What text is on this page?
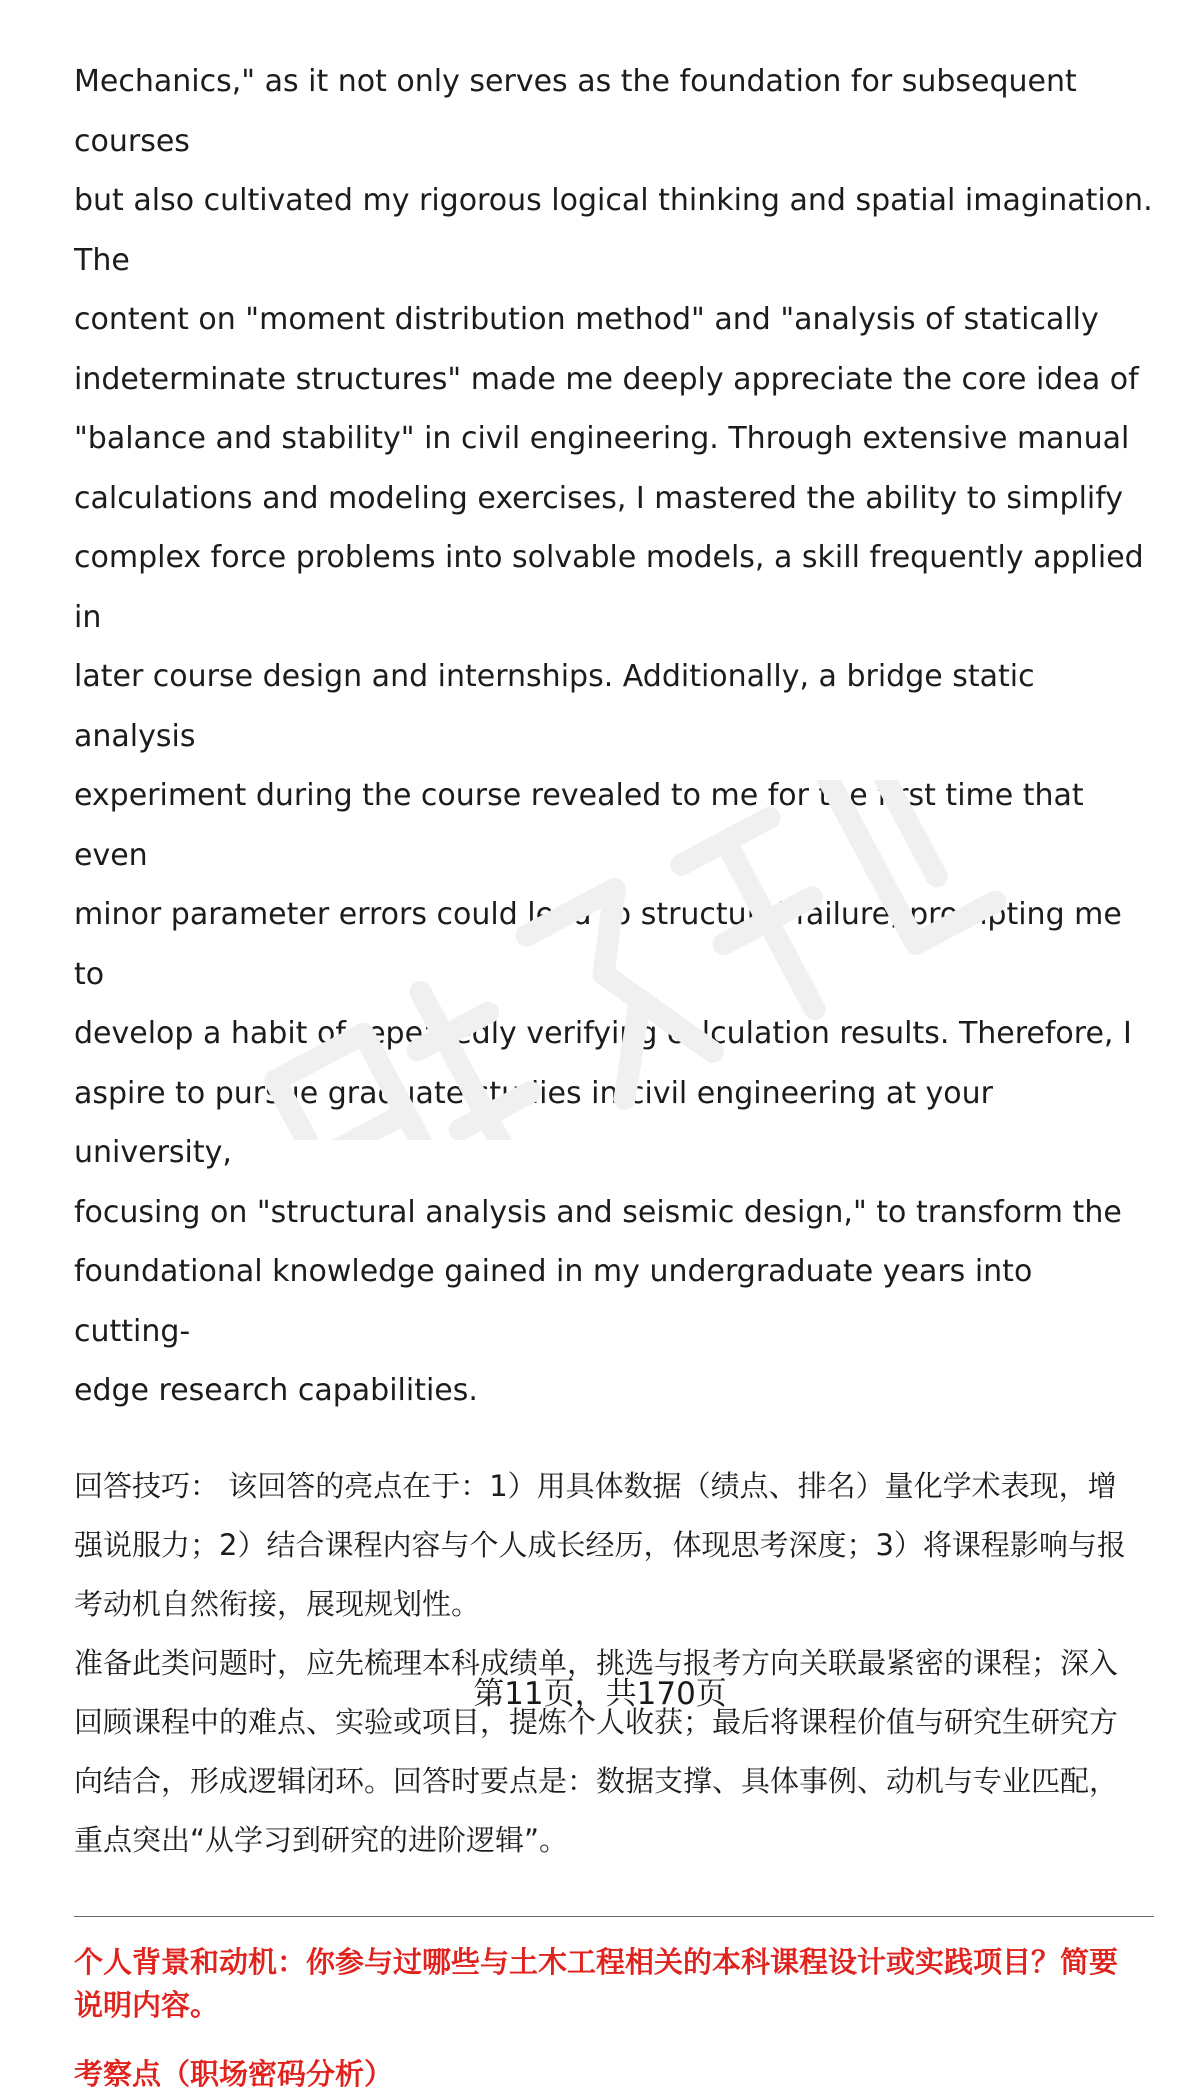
Mechanics," as it not only serves as the foundation for subsequent courses
but also cultivated my rigorous logical thinking and spatial imagination. The
content on "moment distribution method" and "analysis of statically
indeterminate structures" made me deeply appreciate the core idea of
"balance and stability" in civil engineering. Through extensive manual
calculations and modeling exercises, I mastered the ability to simplify
complex force problems into solvable models, a skill frequently applied in
later course design and internships. Additionally, a bridge static analysis
experiment during the course revealed to me for the first time that even
minor parameter errors could lead to structural failure, prompting me to
develop a habit of repeatedly verifying calculation results. Therefore, I
aspire to pursue graduate studies in civil engineering at your university,
focusing on "structural analysis and seismic design," to transform the
foundational knowledge gained in my undergraduate years into cutting-
edge research capabilities.

回答技巧： 该回答的亮点在于：1）用具体数据（绩点、排名）量化学术表现，增
强说服力；2）结合课程内容与个人成长经历，体现思考深度；3）将课程影响与报
考动机自然衔接，展现规划性。

准备此类问题时，应先梳理本科成绩单，挑选与报考方向关联最紧密的课程；深入
回顾课程中的难点、实验或项目，提炼个人收获；最后将课程价值与研究生研究方
向结合，形成逻辑闭环。回答时要点是：数据支撑、具体事例、动机与专业匹配，
重点突出“从学习到研究的进阶逻辑”。

个人背景和动机：你参与过哪些与土木工程相关的本科课程设计或实践项目？简要
说明内容。
考察点（职场密码分析）
第11页，共170页
